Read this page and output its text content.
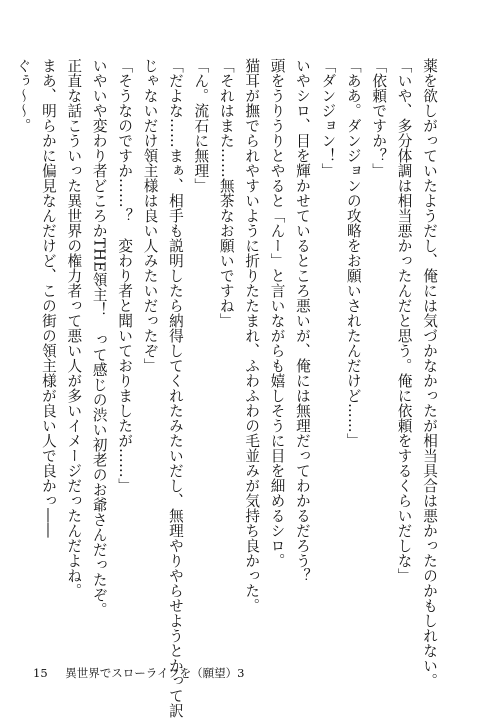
薬を欲しがっていたようだし、俺には気づかなかったが相当具合は悪かったのかもしれない。
「いや、多分体調は相当悪かったんだと思う。俺に依頼をするくらいだしな」
「依頼ですか？」
「ああ。ダンジョンの攻略をお願いされたんだけど……」
「ダンジョン！」
いやシロ、目を輝かせているところ悪いが、俺には無理だってわかるだろう？
頭をうりうりとやると「んー」と言いながらも嬉しそうに目を細めるシロ。
猫耳が撫でられやすいように折りたたまれ、ふわふわの毛並みが気持ち良かった。
「それはまた……無茶なお願いですね」
「ん。流石に無理」
「だよな……まぁ、相手も説明したら納得してくれたみたいだし、無理やりやらせようとかって訳
じゃないだけ領主様は良い人みたいだったぞ」
「そうなのですか……？　変わり者と聞いておりましたが……」
いやいや変わり者どころかTHE領主！　って感じの渋い初老のお爺さんだったぞ。
正直な話こういった異世界の権力者って悪い人が多いイメージだったんだよね。
まあ、明らかに偏見なんだけど、この街の領主様が良い人で良かっ――
ぐぅ～～。
15 異世界でスローライフを（願望）3
